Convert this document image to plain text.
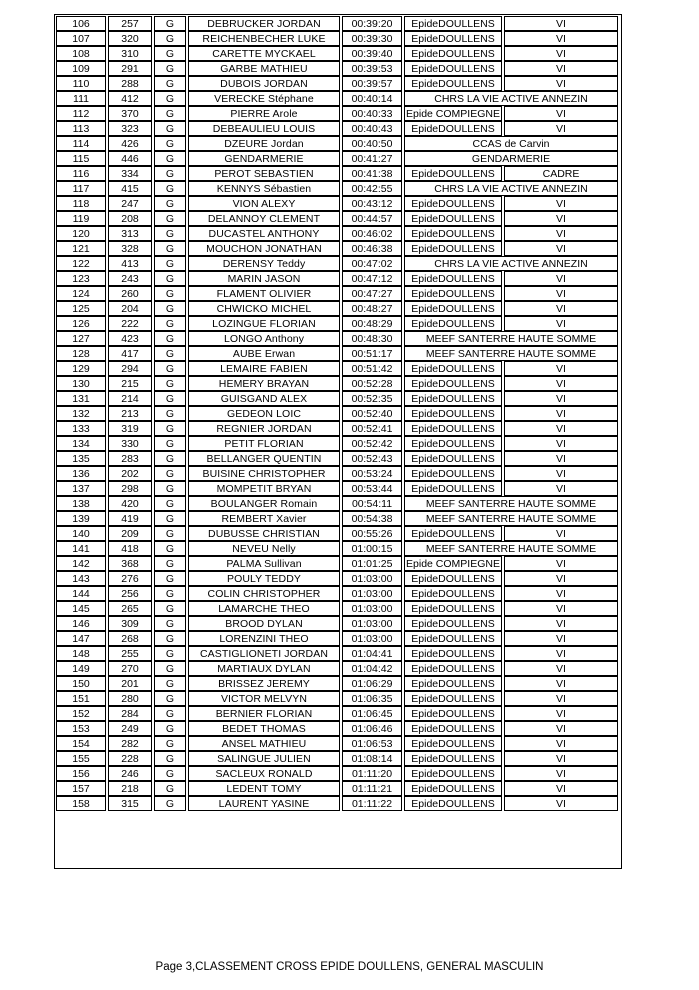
106		257		G		DEBRUCKER JORDAN		00:39:20		EpideDOULLENS		VI
107		320		G		REICHENBECHER LUKE		00:39:30		EpideDOULLENS		VI
108		310		G		CARETTE MYCKAEL		00:39:40		EpideDOULLENS		VI
109		291		G		GARBE MATHIEU		00:39:53		EpideDOULLENS		VI
110		288		G		DUBOIS JORDAN		00:39:57		EpideDOULLENS		VI
111		412		G		VERECKE Stéphane		00:40:14		CHRS LA VIE ACTIVE ANNEZIN		
112		370		G		PIERRE Arole		00:40:33		Epide COMPIEGNE		VI
113		323		G		DEBEAULIEU LOUIS		00:40:43		EpideDOULLENS		VI
114		426		G		DZEURE Jordan		00:40:50		CCAS de Carvin		
115		446		G		GENDARMERIE		00:41:27		GENDARMERIE		
116		334		G		PEROT SEBASTIEN		00:41:38		EpideDOULLENS		CADRE
117		415		G		KENNYS Sébastien		00:42:55		CHRS LA VIE ACTIVE ANNEZIN		
118		247		G		VION ALEXY		00:43:12		EpideDOULLENS		VI
119		208		G		DELANNOY CLEMENT		00:44:57		EpideDOULLENS		VI
120		313		G		DUCASTEL ANTHONY		00:46:02		EpideDOULLENS		VI
121		328		G		MOUCHON JONATHAN		00:46:38		EpideDOULLENS		VI
122		413		G		DERENSY Teddy		00:47:02		CHRS LA VIE ACTIVE ANNEZIN		
123		243		G		MARIN JASON		00:47:12		EpideDOULLENS		VI
124		260		G		FLAMENT OLIVIER		00:47:27		EpideDOULLENS		VI
125		204		G		CHWICKO MICHEL		00:48:27		EpideDOULLENS		VI
126		222		G		LOZINGUE FLORIAN		00:48:29		EpideDOULLENS		VI
127		423		G		LONGO Anthony		00:48:30		MEEF SANTERRE HAUTE SOMME		
128		417		G		AUBE Erwan		00:51:17		MEEF SANTERRE HAUTE SOMME		
129		294		G		LEMAIRE FABIEN		00:51:42		EpideDOULLENS		VI
130		215		G		HEMERY BRAYAN		00:52:28		EpideDOULLENS		VI
131		214		G		GUISGAND ALEX		00:52:35		EpideDOULLENS		VI
132		213		G		GEDEON LOIC		00:52:40		EpideDOULLENS		VI
133		319		G		REGNIER JORDAN		00:52:41		EpideDOULLENS		VI
134		330		G		PETIT FLORIAN		00:52:42		EpideDOULLENS		VI
135		283		G		BELLANGER QUENTIN		00:52:43		EpideDOULLENS		VI
136		202		G		BUISINE CHRISTOPHER		00:53:24		EpideDOULLENS		VI
137		298		G		MOMPETIT BRYAN		00:53:44		EpideDOULLENS		VI
138		420		G		BOULANGER Romain		00:54:11		MEEF SANTERRE HAUTE SOMME		
139		419		G		REMBERT Xavier		00:54:38		MEEF SANTERRE HAUTE SOMME		
140		209		G		DUBUSSE CHRISTIAN		00:55:26		EpideDOULLENS		VI
141		418		G		NEVEU Nelly		01:00:15		MEEF SANTERRE HAUTE SOMME		
142		368		G		PALMA Sullivan		01:01:25		Epide COMPIEGNE		VI
143		276		G		POULY TEDDY		01:03:00		EpideDOULLENS		VI
144		256		G		COLIN CHRISTOPHER		01:03:00		EpideDOULLENS		VI
145		265		G		LAMARCHE THEO		01:03:00		EpideDOULLENS		VI
146		309		G		BROOD DYLAN		01:03:00		EpideDOULLENS		VI
147		268		G		LORENZINI THEO		01:03:00		EpideDOULLENS		VI
148		255		G		CASTIGLIONETI JORDAN		01:04:41		EpideDOULLENS		VI
149		270		G		MARTIAUX DYLAN		01:04:42		EpideDOULLENS		VI
150		201		G		BRISSEZ JEREMY		01:06:29		EpideDOULLENS		VI
151		280		G		VICTOR MELVYN		01:06:35		EpideDOULLENS		VI
152		284		G		BERNIER FLORIAN		01:06:45		EpideDOULLENS		VI
153		249		G		BEDET THOMAS		01:06:46		EpideDOULLENS		VI
154		282		G		ANSEL MATHIEU		01:06:53		EpideDOULLENS		VI
155		228		G		SALINGUE JULIEN		01:08:14		EpideDOULLENS		VI
156		246		G		SACLEUX RONALD		01:11:20		EpideDOULLENS		VI
157		218		G		LEDENT TOMY		01:11:21		EpideDOULLENS		VI
158		315		G		LAURENT YASINE		01:11:22		EpideDOULLENS		VI
Page 3,CLASSEMENT CROSS EPIDE DOULLENS, GENERAL MASCULIN
